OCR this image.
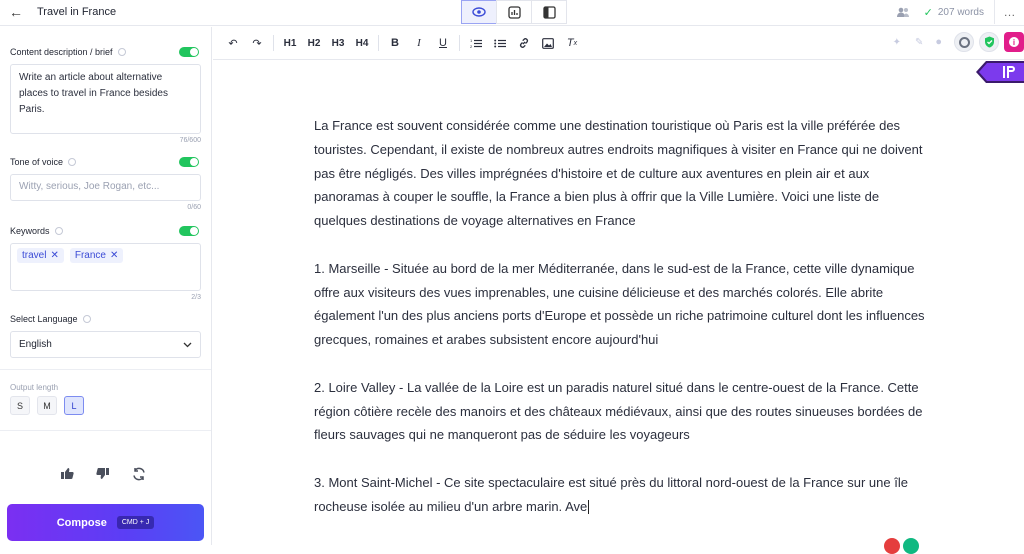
← Travel in France	✓ 207 words …
Content description / brief
Write an article about alternative places to travel in France besides Paris.
76/600
Tone of voice
Witty, serious, Joe Rogan, etc...
0/60
Keywords
travel ✕ France ✕
2/3
Select Language
English
Output length
S	M	L
Compose	CMD + J
↶	↷	H1	H2	H3	H4	B	I	U	1
2	T x	✦ ✎ ●	i

La France est souvent considérée comme une destination touristique où Paris est la ville préférée des touristes. Cependant, il existe de nombreux autres endroits magnifiques à visiter en France qui ne doivent pas être négligés. Des villes imprégnées d'histoire et de culture aux aventures en plein air et aux panoramas à couper le souffle, la France a bien plus à offrir que la Ville Lumière. Voici une liste de quelques destinations de voyage alternatives en France

1. Marseille - Située au bord de la mer Méditerranée, dans le sud-est de la France, cette ville dynamique offre aux visiteurs des vues imprenables, une cuisine délicieuse et des marchés colorés. Elle abrite également l'un des plus anciens ports d'Europe et possède un riche patrimoine culturel dont les influences grecques, romaines et arabes subsistent encore aujourd'hui

2. Loire Valley - La vallée de la Loire est un paradis naturel situé dans le centre-ouest de la France. Cette région côtière recèle des manoirs et des châteaux médiévaux, ainsi que des routes sinueuses bordées de fleurs sauvages qui ne manqueront pas de séduire les voyageurs

3. Mont Saint-Michel - Ce site spectaculaire est situé près du littoral nord-ouest de la France sur une île rocheuse isolée au milieu d'un arbre marin. Ave
